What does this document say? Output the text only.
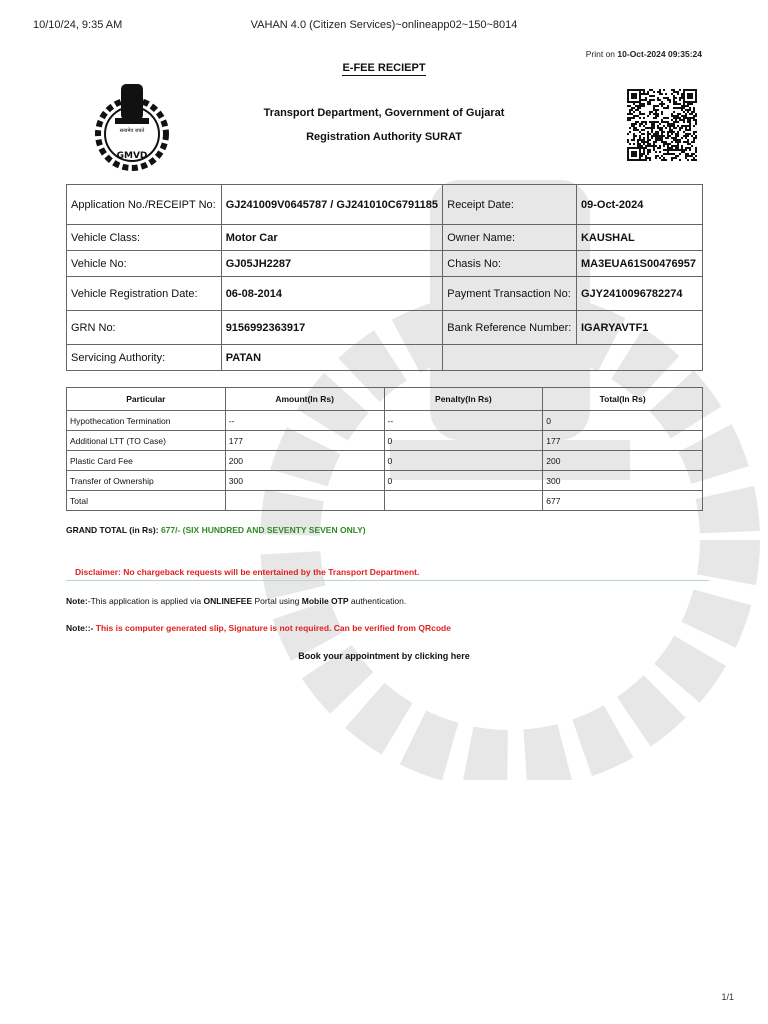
10/10/24, 9:35 AM	VAHAN 4.0 (Citizen Services)~onlineapp02~150~8014
Print on 10-Oct-2024 09:35:24
E-FEE RECIEPT
सत्यमेव जयते
GMVD
Transport Department, Government of Gujarat
Registration Authority SURAT
Application No./RECEIPT No:	GJ241009V0645787 / GJ241010C6791185	Receipt Date:	09-Oct-2024
Vehicle Class:	Motor Car	Owner Name:	KAUSHAL
Vehicle No:	GJ05JH2287	Chasis No:	MA3EUA61S00476957
Vehicle Registration Date:	06-08-2014	Payment Transaction No:	GJY2410096782274
GRN No:	9156992363917	Bank Reference Number:	IGARYAVTF1
Servicing Authority:	PATAN		
Particular	Amount(In Rs)	Penalty(In Rs)	Total(In Rs)
Hypothecation Termination	--	--	0
Additional LTT (TO Case)	177	0	177
Plastic Card Fee	200	0	200
Transfer of Ownership	300	0	300
Total			677
GRAND TOTAL (in Rs): 677/- (SIX HUNDRED AND SEVENTY SEVEN ONLY)
Disclaimer: No chargeback requests will be entertained by the Transport Department.
Note:-This application is applied via ONLINEFEE Portal using Mobile OTP authentication.
Note::- This is computer generated slip, Signature is not required. Can be verified from QRcode
Book your appointment by clicking here
1/1
